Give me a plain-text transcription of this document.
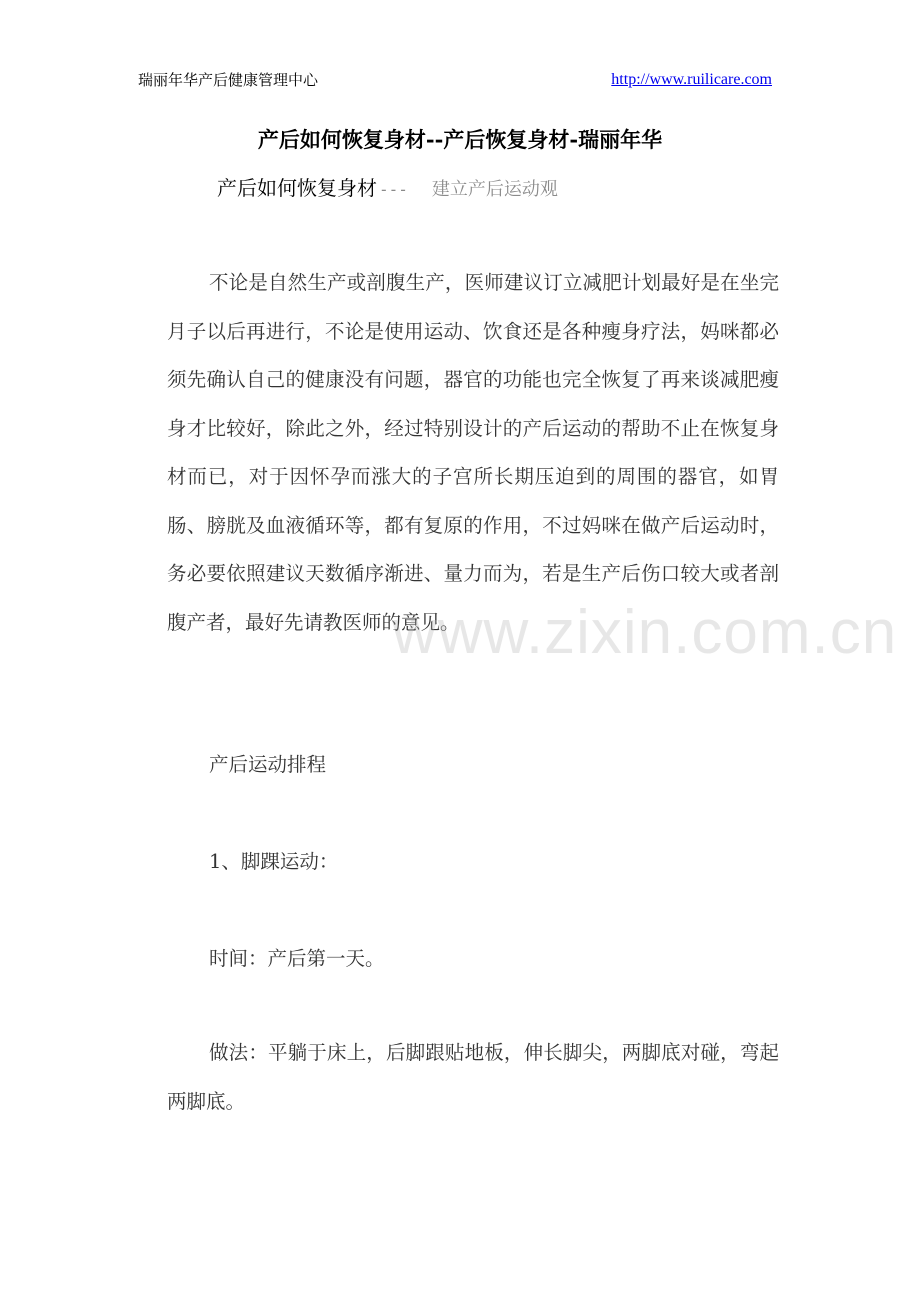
瑞丽年华产后健康管理中心	http://www.ruilicare.com
产后如何恢复身材--产后恢复身材-瑞丽年华
产后如何恢复身材 --- 建立产后运动观

不论是自然生产或剖腹生产，医师建议订立减肥计划最好是在坐完月子以后再进行，不论是使用运动、饮食还是各种瘦身疗法，妈咪都必须先确认自己的健康没有问题，器官的功能也完全恢复了再来谈减肥瘦身才比较好，除此之外，经过特别设计的产后运动的帮助不止在恢复身材而已，对于因怀孕而涨大的子宫所长期压迫到的周围的器官，如胃肠、膀胱及血液循环等，都有复原的作用，不过妈咪在做产后运动时，务必要依照建议天数循序渐进、量力而为，若是生产后伤口较大或者剖腹产者，最好先请教医师的意见。

产后运动排程
1、脚踝运动：
时间：产后第一天。

做法：平躺于床上，后脚跟贴地板，伸长脚尖，两脚底对碰，弯起两脚底。

www.zixin.com.cn
